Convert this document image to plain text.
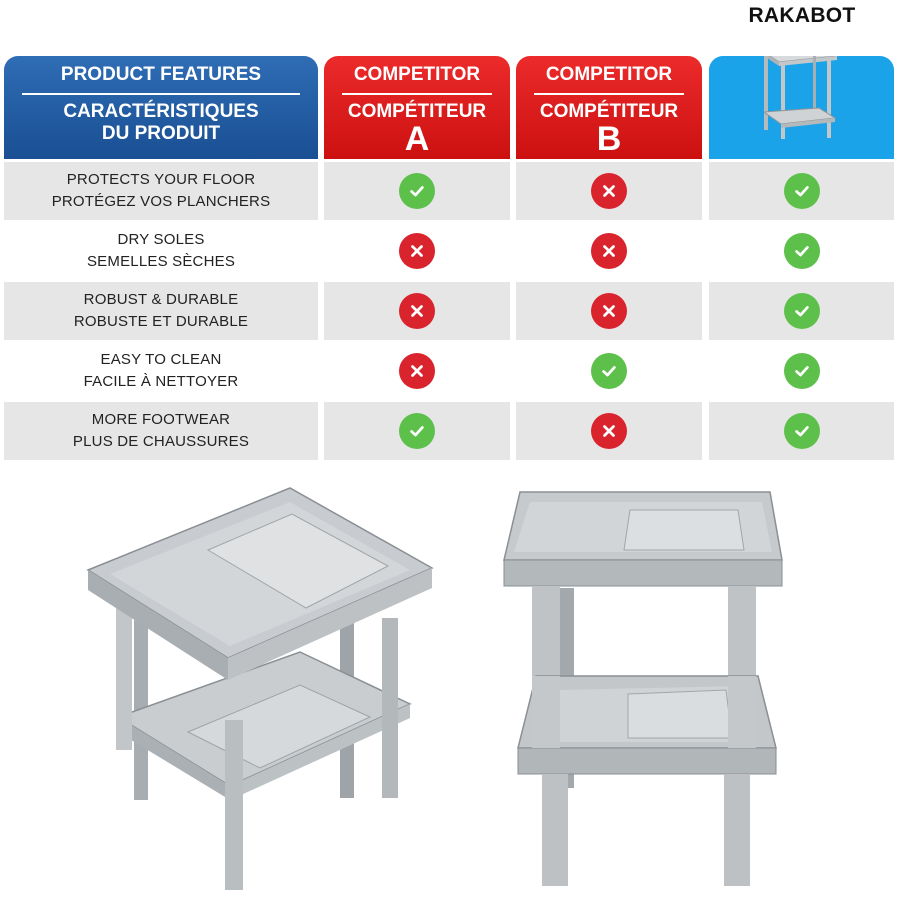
RAKABOT
PRODUCT FEATURES
CARACTÉRISTIQUES
DU PRODUIT
COMPETITOR
COMPÉTITEUR
A
COMPETITOR
COMPÉTITEUR
B
PROTECTS YOUR FLOOR
PROTÉGEZ VOS PLANCHERS
DRY SOLES
SEMELLES SÈCHES
ROBUST & DURABLE
ROBUSTE ET DURABLE
EASY TO CLEAN
FACILE À NETTOYER
MORE FOOTWEAR
PLUS DE CHAUSSURES
